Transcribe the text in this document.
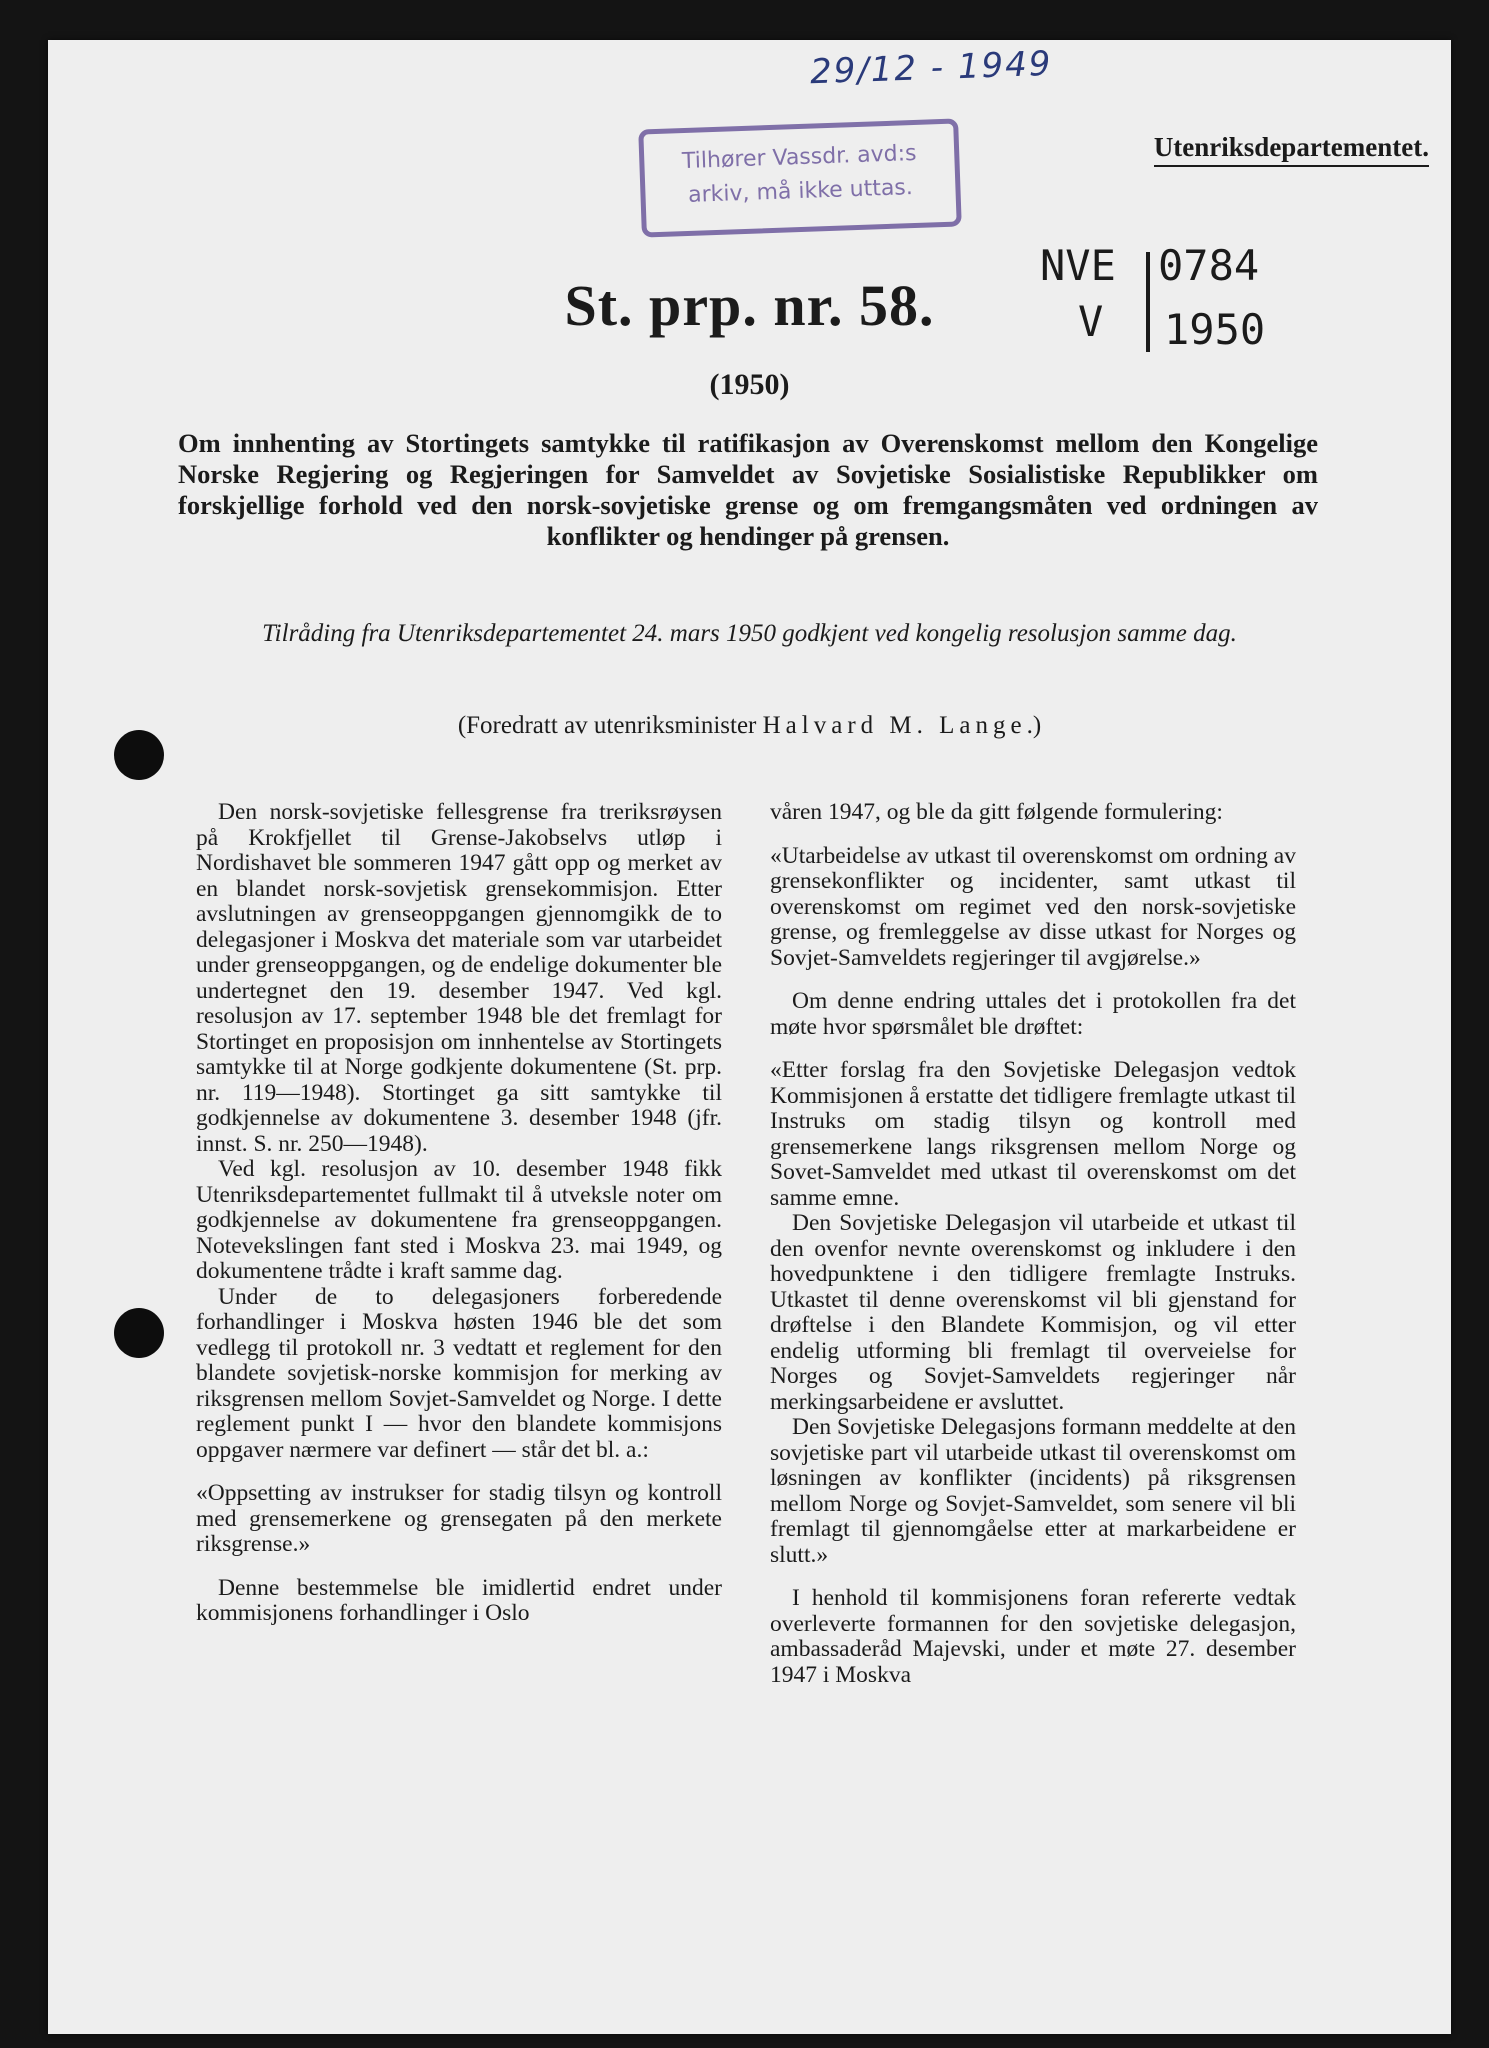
29/12 - 1949
Tilhører Vassdr. avd:s
arkiv, må ikke uttas.
Utenriksdepartementet.
NVE 0784
V 1950
St. prp. nr. 58.
(1950)
Om innhenting av Stortingets samtykke til ratifikasjon av Overenskomst mellom den Kongelige Norske Regjering og Regjeringen for Samveldet av Sovjetiske Sosialistiske Republikker om forskjellige forhold ved den norsk-sovjetiske grense og om fremgangsmåten ved ordningen av konflikter og hendinger på grensen.
Tilråding fra Utenriksdepartementet 24. mars 1950 godkjent ved kongelig resolusjon samme dag.
(Foredratt av utenriksminister Halvard M. Lange.)

Den norsk-sovjetiske fellesgrense fra treriksrøysen på Krokfjellet til Grense-Jakobselvs utløp i Nordishavet ble sommeren 1947 gått opp og merket av en blandet norsk-sovjetisk grensekommisjon. Etter avslutningen av grenseoppgangen gjennomgikk de to delegasjoner i Moskva det materiale som var utarbeidet under grenseoppgangen, og de endelige dokumenter ble undertegnet den 19. desember 1947. Ved kgl. resolusjon av 17. september 1948 ble det fremlagt for Stortinget en proposisjon om innhentelse av Stortingets samtykke til at Norge godkjente dokumentene (St. prp. nr. 119—1948). Stortinget ga sitt samtykke til godkjennelse av dokumentene 3. desember 1948 (jfr. innst. S. nr. 250—1948).

Ved kgl. resolusjon av 10. desember 1948 fikk Utenriksdepartementet fullmakt til å utveksle noter om godkjennelse av dokumentene fra grenseoppgangen. Notevekslingen fant sted i Moskva 23. mai 1949, og dokumentene trådte i kraft samme dag.

Under de to delegasjoners forberedende forhandlinger i Moskva høsten 1946 ble det som vedlegg til protokoll nr. 3 vedtatt et reglement for den blandete sovjetisk-norske kommisjon for merking av riksgrensen mellom Sovjet-Samveldet og Norge. I dette reglement punkt I — hvor den blandete kommisjons oppgaver nærmere var definert — står det bl. a.:

«Oppsetting av instrukser for stadig tilsyn og kontroll med grensemerkene og grensegaten på den merkete riksgrense.»

Denne bestemmelse ble imidlertid endret under kommisjonens forhandlinger i Oslo

våren 1947, og ble da gitt følgende formulering:

«Utarbeidelse av utkast til overenskomst om ordning av grensekonflikter og incidenter, samt utkast til overenskomst om regimet ved den norsk-sovjetiske grense, og fremleggelse av disse utkast for Norges og Sovjet-Samveldets regjeringer til avgjørelse.»

Om denne endring uttales det i protokollen fra det møte hvor spørsmålet ble drøftet:

«Etter forslag fra den Sovjetiske Delegasjon vedtok Kommisjonen å erstatte det tidligere fremlagte utkast til Instruks om stadig tilsyn og kontroll med grensemerkene langs riksgrensen mellom Norge og Sovet-Samveldet med utkast til overenskomst om det samme emne.

Den Sovjetiske Delegasjon vil utarbeide et utkast til den ovenfor nevnte overenskomst og inkludere i den hovedpunktene i den tidligere fremlagte Instruks. Utkastet til denne overenskomst vil bli gjenstand for drøftelse i den Blandete Kommisjon, og vil etter endelig utforming bli fremlagt til overveielse for Norges og Sovjet-Samveldets regjeringer når merkingsarbeidene er avsluttet.

Den Sovjetiske Delegasjons formann meddelte at den sovjetiske part vil utarbeide utkast til overenskomst om løsningen av konflikter (incidents) på riksgrensen mellom Norge og Sovjet-Samveldet, som senere vil bli fremlagt til gjennomgåelse etter at markarbeidene er slutt.»

I henhold til kommisjonens foran refererte vedtak overleverte formannen for den sovjetiske delegasjon, ambassaderåd Majevski, under et møte 27. desember 1947 i Moskva
